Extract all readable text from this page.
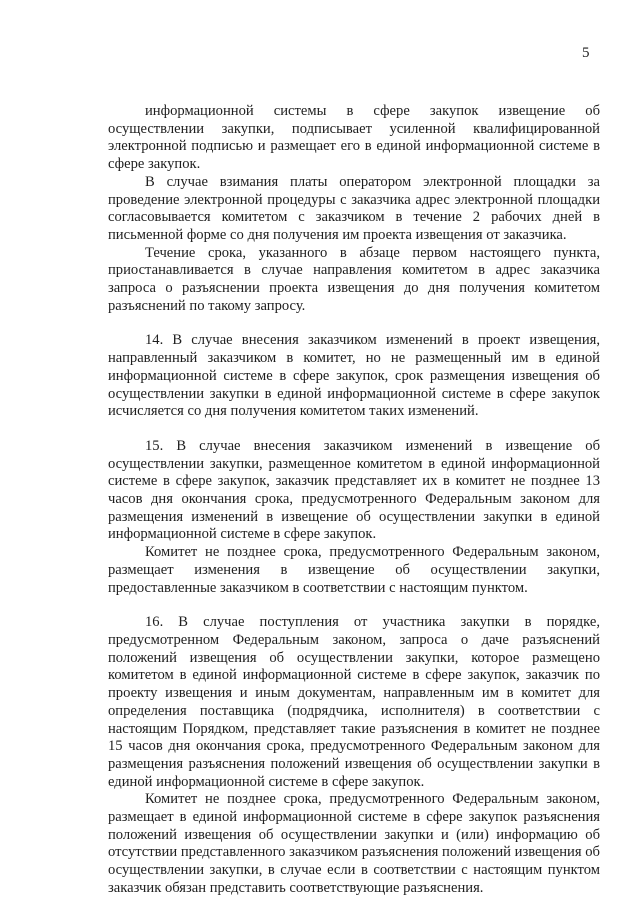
5

информационной системы в сфере закупок извещение об осуществлении закупки, подписывает усиленной квалифицированной электронной подписью и размещает его в единой информационной системе в сфере закупок.

В случае взимания платы оператором электронной площадки за проведение электронной процедуры с заказчика адрес электронной площадки согласовывается комитетом с заказчиком в течение 2 рабочих дней в письменной форме со дня получения им проекта извещения от заказчика.

Течение срока, указанного в абзаце первом настоящего пункта, приостанавливается в случае направления комитетом в адрес заказчика запроса о разъяснении проекта извещения до дня получения комитетом разъяснений по такому запросу.

14. В случае внесения заказчиком изменений в проект извещения, направленный заказчиком в комитет, но не размещенный им в единой информационной системе в сфере закупок, срок размещения извещения об осуществлении закупки в единой информационной системе в сфере закупок исчисляется со дня получения комитетом таких изменений.

15. В случае внесения заказчиком изменений в извещение об осуществлении закупки, размещенное комитетом в единой информационной системе в сфере закупок, заказчик представляет их в комитет не позднее 13 часов дня окончания срока, предусмотренного Федеральным законом для размещения изменений в извещение об осуществлении закупки в единой информационной системе в сфере закупок.

Комитет не позднее срока, предусмотренного Федеральным законом, размещает изменения в извещение об осуществлении закупки, предоставленные заказчиком в соответствии с настоящим пунктом.

16. В случае поступления от участника закупки в порядке, предусмотренном Федеральным законом, запроса о даче разъяснений положений извещения об осуществлении закупки, которое размещено комитетом в единой информационной системе в сфере закупок, заказчик по проекту извещения и иным документам, направленным им в комитет для определения поставщика (подрядчика, исполнителя) в соответствии с настоящим Порядком, представляет такие разъяснения в комитет не позднее 15 часов дня окончания срока, предусмотренного Федеральным законом для размещения разъяснения положений извещения об осуществлении закупки в единой информационной системе в сфере закупок.

Комитет не позднее срока, предусмотренного Федеральным законом, размещает в единой информационной системе в сфере закупок разъяснения положений извещения об осуществлении закупки и (или) информацию об отсутствии представленного заказчиком разъяснения положений извещения об осуществлении закупки, в случае если в соответствии с настоящим пунктом заказчик обязан представить соответствующие разъяснения.
